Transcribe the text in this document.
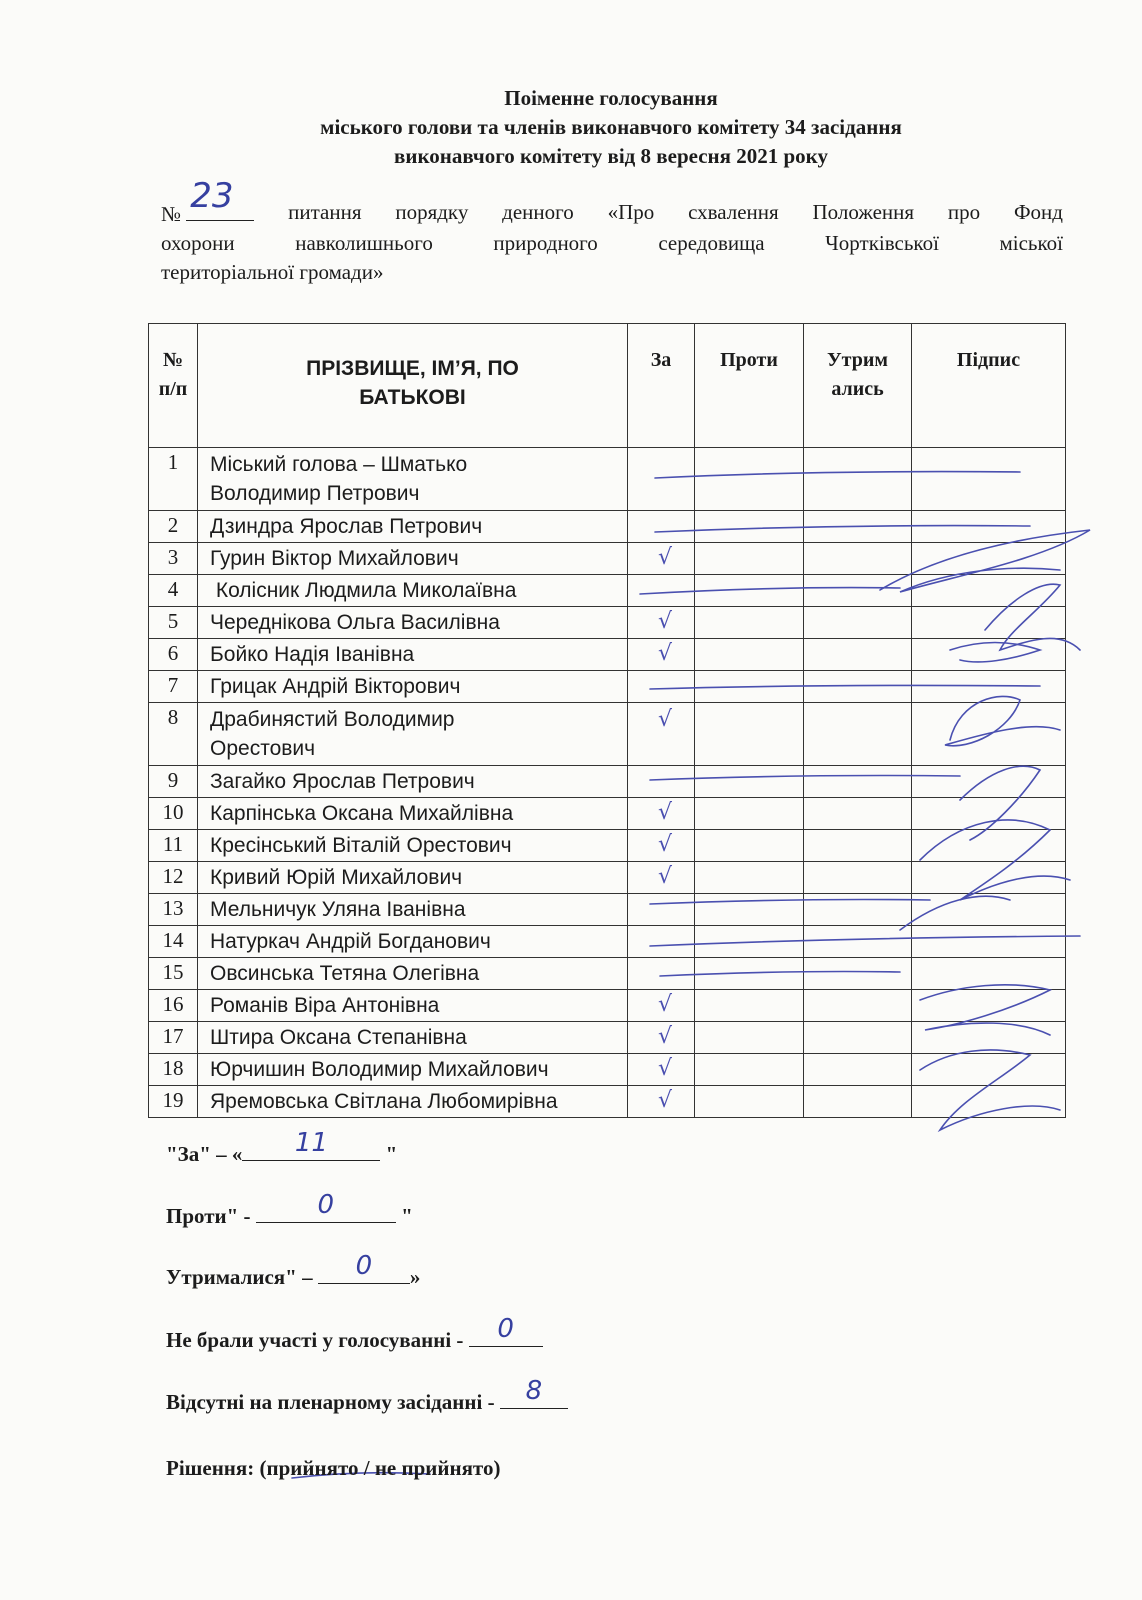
Поіменне голосування
міського голови та членів виконавчого комітету 34 засідання
виконавчого комітету від 8 вересня 2021 року
№ 23	питання порядку денного «Про схвалення Положення про Фонд
охорони	навколишнього	природного	середовища	Чортківської	міської
територіальної громади»
№ п/п	ПРІЗВИЩЕ, ІМ’Я, ПО БАТЬКОВІ	За	Проти	Утрим ались	Підпис
1	Міський голова – Шматько
Володимир Петрович				

2	Дзиндра Ярослав Петрович	

3	Гурин Віктор Михайлович	√			

4	Колісник Людмила Миколаївна	

5	Череднікова Ольга Василівна	√			

6	Бойко Надія Іванівна	√			

7	Грицак Андрій Вікторович	

8	Драбинястий Володимир
Орестович	√			

9	Загайко Ярослав Петрович	

10	Карпінська Оксана Михайлівна	√			

11	Кресінський Віталій Орестович	√			

12	Кривий Юрій Михайлович	√			

13	Мельничук Уляна Іванівна	

14	Натуркач Андрій Богданович	

15	Овсинська Тетяна Олегівна	

16	Романів Віра Антонівна	√			

17	Штира Оксана Степанівна	√			

18	Юрчишин Володимир Михайлович	√			

19	Яремовська Світлана Любомирівна	√			

"За" – «	11	"
Проти" -	0	"
Утрималися" –	0	»
Не брали участі у голосуванні -	0
Відсутні на пленарному засіданні - 8
Рішення: (прийнято / не прийнято)
